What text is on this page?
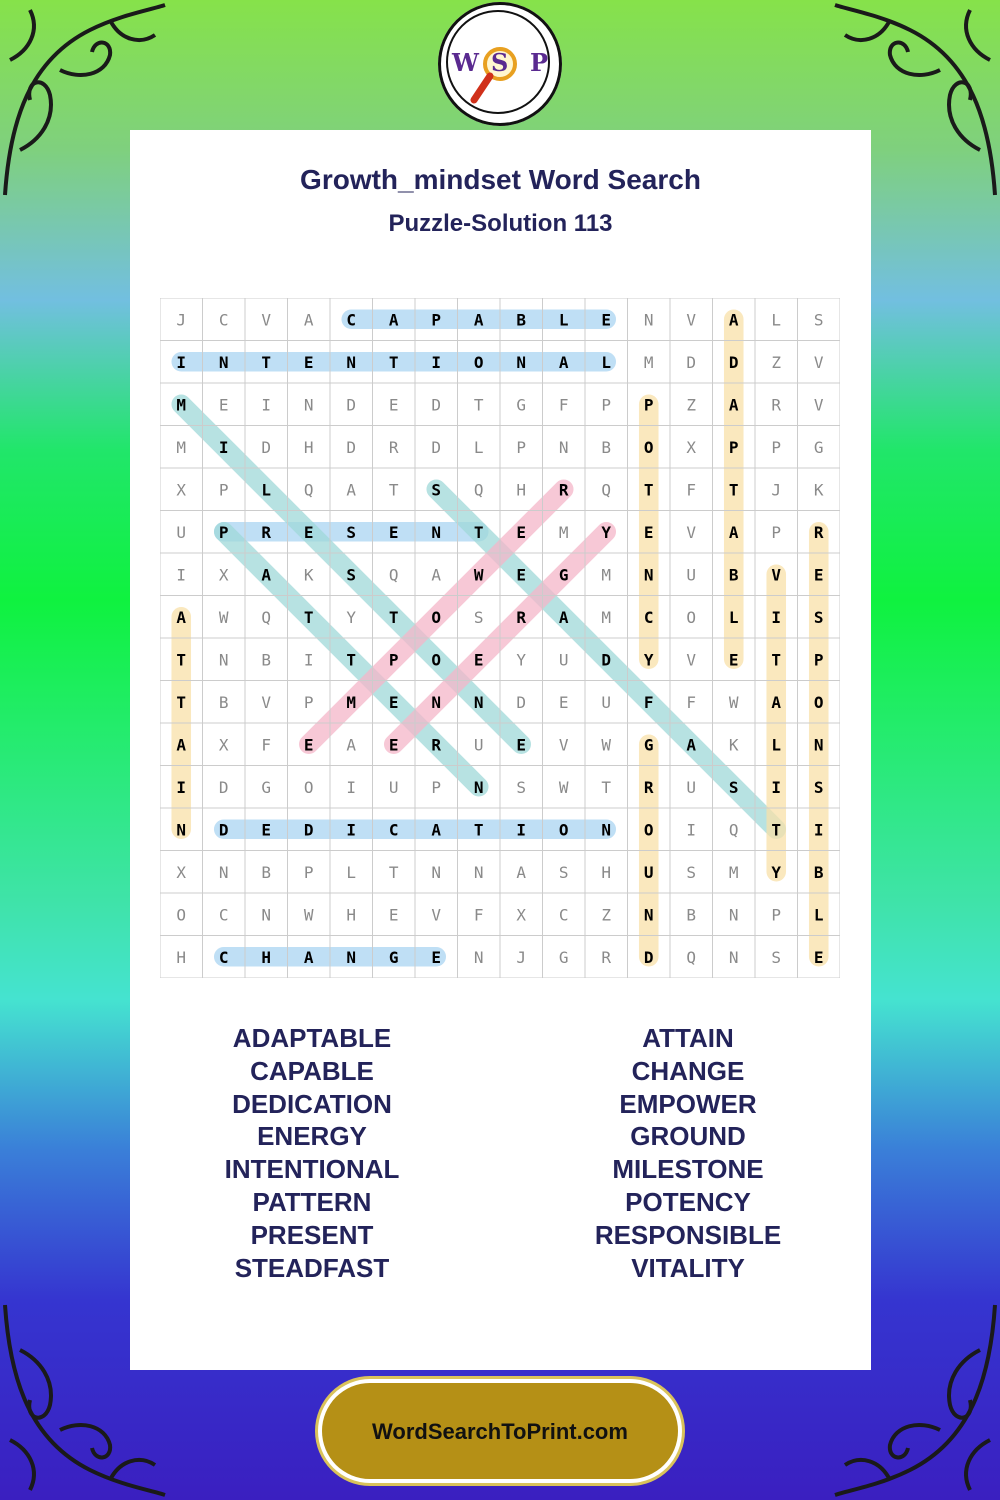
W S P
Growth_mindset Word Search
Puzzle-Solution 113
J C V A C A P A B L E N V A L S
I N T E N T I O N A L M D D Z V
M E I N D E D T G F P P Z A R V
M I D H D R D L P N B O X P P G
X P L Q A T S Q H R Q T F T J K
U P R E S E N T E M Y E V A P R
I X A K S Q A W E G M N U B V E
A W Q T Y T O S R A M C O L I S
T N B I T P O E Y U D Y V E T P
T B V P M E N N D E U F F W A O
A X F E A E R U E V W G A K L N
I D G O I U P N S W T R U S I S
N D E D I C A T I O N O I Q T I
X N B P L T N N A S H U S M Y B
O C N W H E V F X C Z N B N P L
H C H A N G E N J G R D Q N S E
ADAPTABLE
CAPABLE
DEDICATION
ENERGY
INTENTIONAL
PATTERN
PRESENT
STEADFAST
ATTAIN
CHANGE
EMPOWER
GROUND
MILESTONE
POTENCY
RESPONSIBLE
VITALITY
WordSearchToPrint.com
